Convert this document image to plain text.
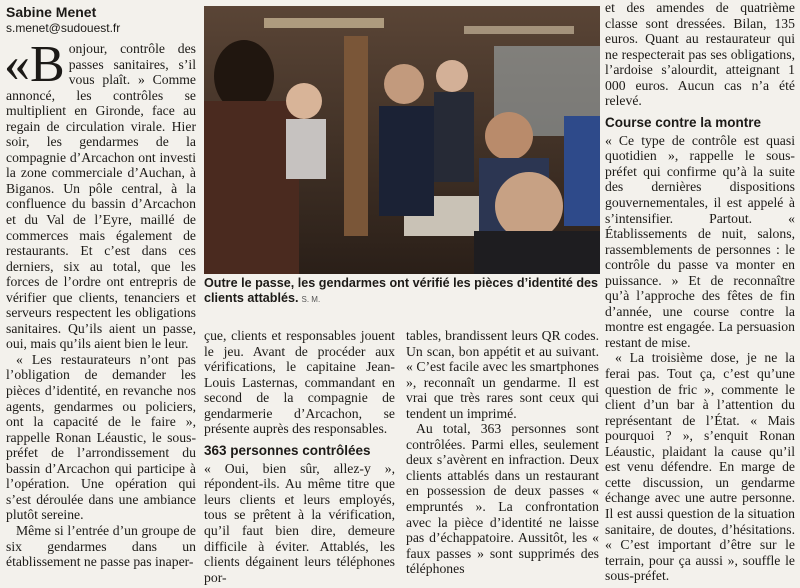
Sabine Menet
s.menet@sudouest.fr

«Bonjour, contrôle des passes sanitaires, s’il vous plaît. » Comme annoncé, les contrôles se multiplient en Gironde, face au regain de circulation virale. Hier soir, les gendarmes de la compagnie d’Arcachon ont investi la zone commerciale d’Auchan, à Biganos. Un pôle central, à la confluence du bassin d’Arcachon et du Val de l’Eyre, maillé de commerces mais également de restaurants. Et c’est dans ces derniers, six au total, que les forces de l’ordre ont entrepris de vérifier que clients, tenanciers et serveurs respectent les obligations sanitaires. Qu’ils aient un passe, oui, mais qu’ils aient bien le leur.

« Les restaurateurs n’ont pas l’obligation de demander les pièces d’identité, en revanche nos agents, gendarmes ou policiers, ont la capacité de le faire », rappelle Ronan Léaustic, le sous-préfet de l’arrondissement du bassin d’Arcachon qui participe à l’opération. Une opération qui s’est déroulée dans une ambiance plutôt sereine.

Même si l’entrée d’un groupe de six gendarmes dans un établissement ne passe pas inaper-

Outre le passe, les gendarmes ont vérifié les pièces d’identité des clients attablés. S. M.

çue, clients et responsables jouent le jeu. Avant de procéder aux vérifications, le capitaine Jean-Louis Lasternas, commandant en second de la compagnie de gendarmerie d’Arcachon, se présente auprès des responsables.

363 personnes contrôlées

« Oui, bien sûr, allez-y », répondent-ils. Au même titre que leurs clients et leurs employés, tous se prêtent à la vérification, qu’il faut bien dire, demeure difficile à éviter. Attablés, les clients dégainent leurs téléphones por-

tables, brandissent leurs QR codes. Un scan, bon appétit et au suivant. « C’est facile avec les smartphones », reconnaît un gendarme. Il est vrai que très rares sont ceux qui tendent un imprimé.

Au total, 363 personnes sont contrôlées. Parmi elles, seulement deux s’avèrent en infraction. Deux clients attablés dans un restaurant en possession de deux passes « empruntés ». La confrontation avec la pièce d’identité ne laisse pas d’échappatoire. Aussitôt, les « faux passes » sont supprimés des téléphones

et des amendes de quatrième classe sont dressées. Bilan, 135 euros. Quant au restaurateur qui ne respecterait pas ses obligations, l’ardoise s’alourdit, atteignant 1 000 euros. Aucun cas n’a été relevé.

Course contre la montre

« Ce type de contrôle est quasi quotidien », rappelle le sous-préfet qui confirme qu’à la suite des dernières dispositions gouvernementales, il est appelé à s’intensifier. Partout. « Établissements de nuit, salons, rassemblements de personnes : le contrôle du passe va monter en puissance. » Et de reconnaître qu’à l’approche des fêtes de fin d’année, une course contre la montre est engagée. La persuasion restant de mise.

« La troisième dose, je ne la ferai pas. Tout ça, c’est qu’une question de fric », commente le client d’un bar à l’attention du représentant de l’État. « Mais pourquoi ? », s’enquit Ronan Léaustic, plaidant la cause qu’il est venu défendre. En marge de cette discussion, un gendarme échange avec une autre personne. Il est aussi question de la situation sanitaire, de doutes, d’hésitations. « C’est important d’être sur le terrain, pour ça aussi », souffle le sous-préfet.
